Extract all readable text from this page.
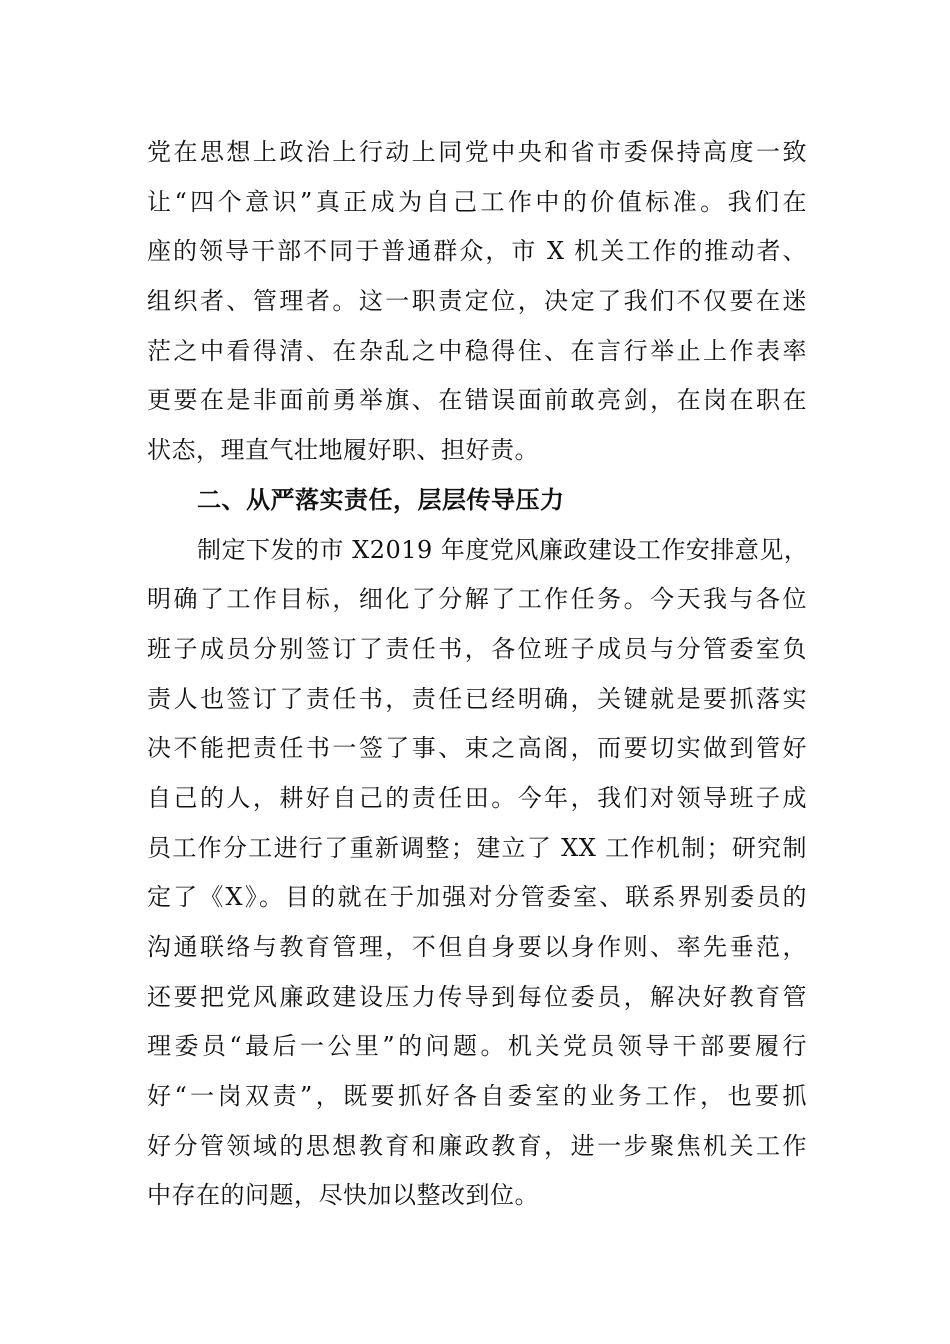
党在思想上政治上行动上同党中央和省市委保持高度一致
让“四个意识”真正成为自己工作中的价值标准。我们在
座的领导干部不同于普通群众，市 X 机关工作的推动者、
组织者、管理者。这一职责定位，决定了我们不仅要在迷
茫之中看得清、在杂乱之中稳得住、在言行举止上作表率
更要在是非面前勇举旗、在错误面前敢亮剑，在岗在职在
状态，理直气壮地履好职、担好责。
二、从严落实责任，层层传导压力
制定下发的市 X2019 年度党风廉政建设工作安排意见，
明确了工作目标，细化了分解了工作任务。今天我与各位
班子成员分别签订了责任书，各位班子成员与分管委室负
责人也签订了责任书，责任已经明确，关键就是要抓落实
决不能把责任书一签了事、束之高阁，而要切实做到管好
自己的人，耕好自己的责任田。今年，我们对领导班子成
员工作分工进行了重新调整；建立了 XX 工作机制；研究制
定了《X》。目的就在于加强对分管委室、联系界别委员的
沟通联络与教育管理，不但自身要以身作则、率先垂范，
还要把党风廉政建设压力传导到每位委员，解决好教育管
理委员“最后一公里”的问题。机关党员领导干部要履行
好“一岗双责”，既要抓好各自委室的业务工作，也要抓
好分管领域的思想教育和廉政教育，进一步聚焦机关工作
中存在的问题，尽快加以整改到位。
